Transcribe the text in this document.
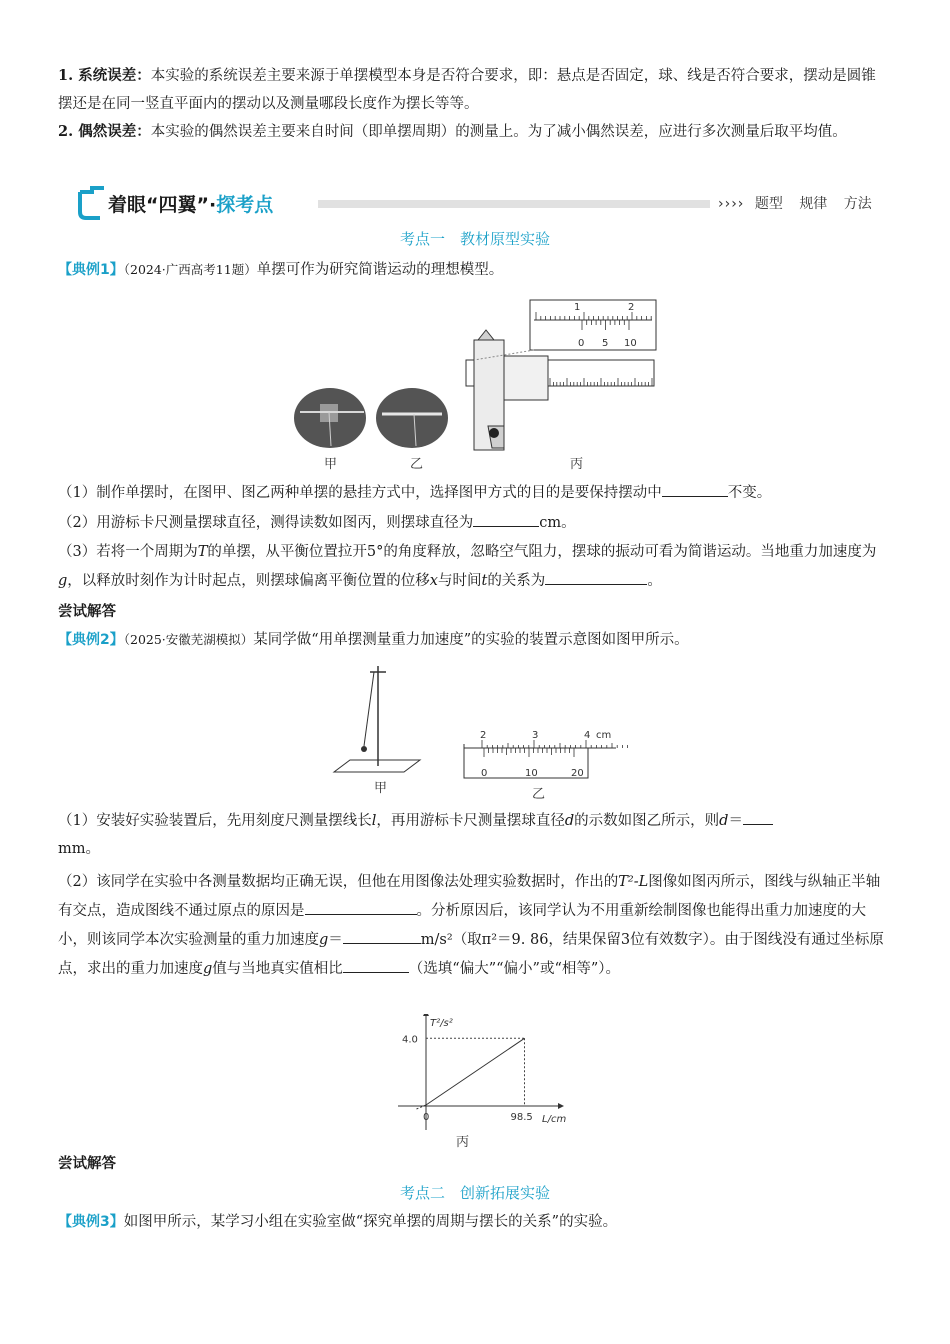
1. 系统误差：本实验的系统误差主要来源于单摆模型本身是否符合要求，即：悬点是否固定，球、线是否符合要求，摆动是圆锥摆还是在同一竖直平面内的摆动以及测量哪段长度作为摆长等等。

2. 偶然误差：本实验的偶然误差主要来自时间（即单摆周期）的测量上。为了减小偶然误差，应进行多次测量后取平均值。

着眼“四翼”·探考点	›››› 题型 规律 方法
考点一　教材原型实验

【典例1】（2024·广西高考11题）单摆可作为研究简谐运动的理想模型。

1	2
0 5 10
甲	乙	丙

（1）制作单摆时，在图甲、图乙两种单摆的悬挂方式中，选择图甲方式的目的是要保持摆动中	不变。

（2）用游标卡尺测量摆球直径，测得读数如图丙，则摆球直径为	cm。

（3）若将一个周期为T的单摆，从平衡位置拉开5°的角度释放，忽略空气阻力，摆球的振动可看为简谐运动。当地重力加速度为g，以释放时刻作为计时起点，则摆球偏离平衡位置的位移x与时间t的关系为	。

尝试解答

【典例2】（2025·安徽芜湖模拟）某同学做“用单摆测量重力加速度”的实验的装置示意图如图甲所示。

2	3	4 cm
0	10	20
甲	乙

（1）安装好实验装置后，先用刻度尺测量摆线长l，再用游标卡尺测量摆球直径d的示数如图乙所示，则d＝
mm。

（2）该同学在实验中各测量数据均正确无误，但他在用图像法处理实验数据时，作出的T²-L图像如图丙所示，图线与纵轴正半轴有交点，造成图线不通过原点的原因是	。分析原因后，该同学认为不用重新绘制图像也能得出重力加速度的大小，则该同学本次实验测量的重力加速度g＝	m/s²（取π²＝9. 86，结果保留3位有效数字）。由于图线没有通过坐标原点，求出的重力加速度g值与当地真实值相比	（选填“偏大”“偏小”或“相等”）。

T²/s²
L/cm
4.0
0	98.5
丙
尝试解答
考点二　创新拓展实验

【典例3】如图甲所示，某学习小组在实验室做“探究单摆的周期与摆长的关系”的实验。
